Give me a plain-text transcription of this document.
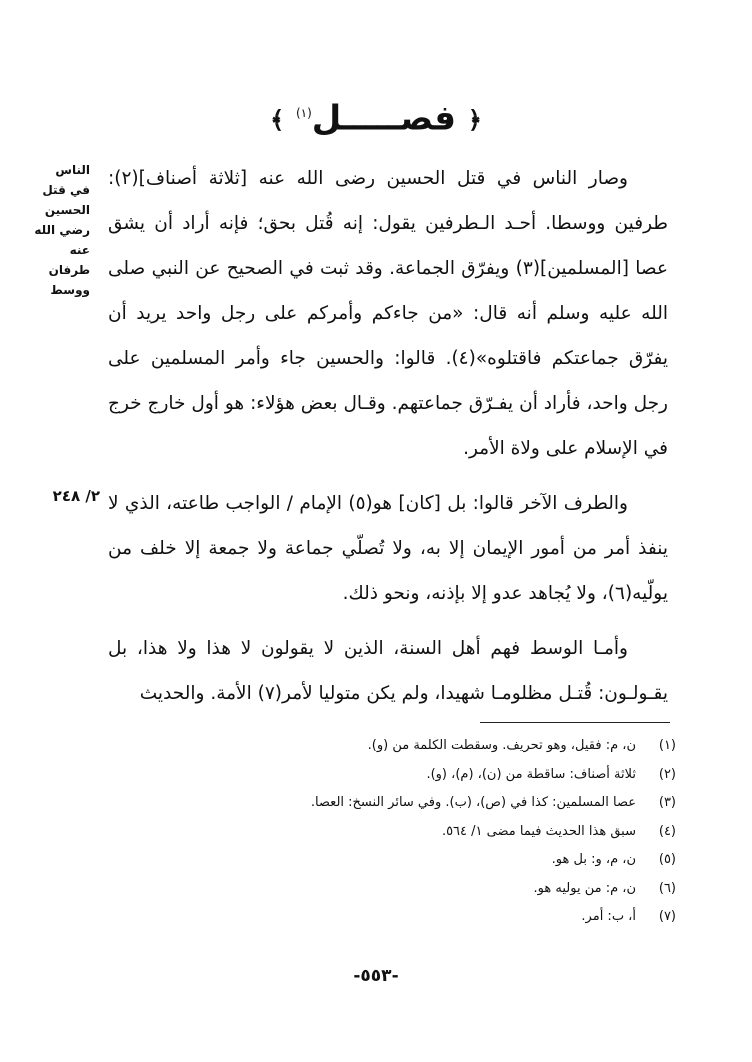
﴿ فصـــــل$^{(١)}$ ﴾
الناس في قتل الحسين رضي الله عنه طرفان ووسط
٢/ ٢٤٨

وصار الناس في قتل الحسين رضى الله عنه [ثلاثة أصناف](٢): طرفين ووسطا. أحـد الـطرفين يقول: إنه قُتل بحق؛ فإنه أراد أن يشق عصا [المسلمين](٣) ويفرّق الجماعة. وقد ثبت في الصحيح عن النبي صلى الله عليه وسلم أنه قال: «من جاءكم وأمركم على رجل واحد يريد أن يفرّق جماعتكم فاقتلوه»(٤). قالوا: والحسين جاء وأمر المسلمين على رجل واحد، فأراد أن يفـرّق جماعتهم. وقـال بعض هؤلاء: هو أول خارج خرج في الإسلام على ولاة الأمر.

والطرف الآخر قالوا: بل [كان] هو(٥) الإمام / الواجب طاعته، الذي لا ينفذ أمر من أمور الإيمان إلا به، ولا تُصلّي جماعة ولا جمعة إلا خلف من يولّيه(٦)، ولا يُجاهد عدو إلا بإذنه، ونحو ذلك.

وأمـا الوسط فهم أهل السنة، الذين لا يقولون لا هذا ولا هذا، بل يقـولـون: قُتـل مظلومـا شهيدا، ولم يكن متوليا لأمر(٧) الأمة. والحديث

(١)
ن، م: فقيل، وهو تحريف. وسقطت الكلمة من (و).
(٢)
ثلاثة أصناف: ساقطة من (ن)، (م)، (و).
(٣)
عصا المسلمين: كذا في (ص)، (ب). وفي سائر النسخ: العصا.
(٤)
سبق هذا الحديث فيما مضى ١/ ٥٦٤.
(٥)
ن، م، و: بل هو.
(٦)
ن، م: من يوليه هو.
(٧)
أ، ب: أمر.
-٥٥٣-
